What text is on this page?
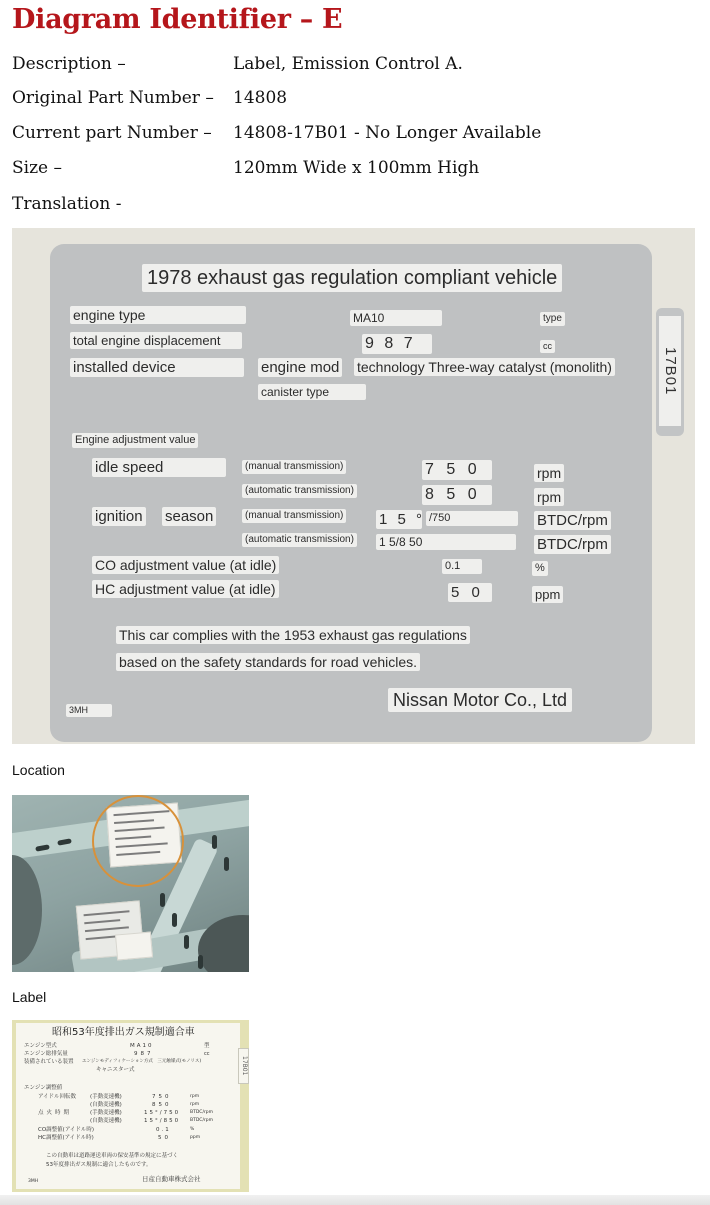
Diagram Identifier – E
Description –	Label, Emission Control A.
Original Part Number – 14808
Current part Number – 14808-17B01 - No Longer Available
Size –	120mm Wide x 100mm High
Translation -
17B01
1978 exhaust gas regulation compliant vehicle
engine type	MA10	type
total engine displacement	9 8 7	cc
installed device	engine mod technology Three-way catalyst (monolith)
canister type
Engine adjustment value
idle speed	(manual transmission)	7 5 0	rpm
(automatic transmission)	8 5 0	rpm
ignition season	(manual transmission) 1 5 ° /750	BTDC/rpm
(automatic transmission) 1 5/8 50	BTDC/rpm
CO adjustment value (at idle)	0.1	%
HC adjustment value (at idle)	5 0	ppm
This car complies with the 1953 exhaust gas regulations
based on the safety standards for road vehicles.
Nissan Motor Co., Ltd
3MH
Location
Label
昭和53年度排出ガス規制適合車
エンジン型式	MA10	型
エンジン総排気量	987	cc
装備されている装置 エンジンモディフィケーション方式　三元触媒式(モノリス)
キャニスター式
エンジン調整値
アイドル回転数	(手動変速機)	750	rpm
(自動変速機)	850	rpm
点火時期	(手動変速機)	15°/750 BTDC/rpm
(自動変速機)	15°/850 BTDC/rpm
CO調整値(アイドル時)	0.1	%
HC調整値(アイドル時)	50	ppm
この自動車は道路運送車両の保安基準の規定に基づく
53年度排出ガス規制に適合したものです。
日産自動車株式会社
3MH
17B01
